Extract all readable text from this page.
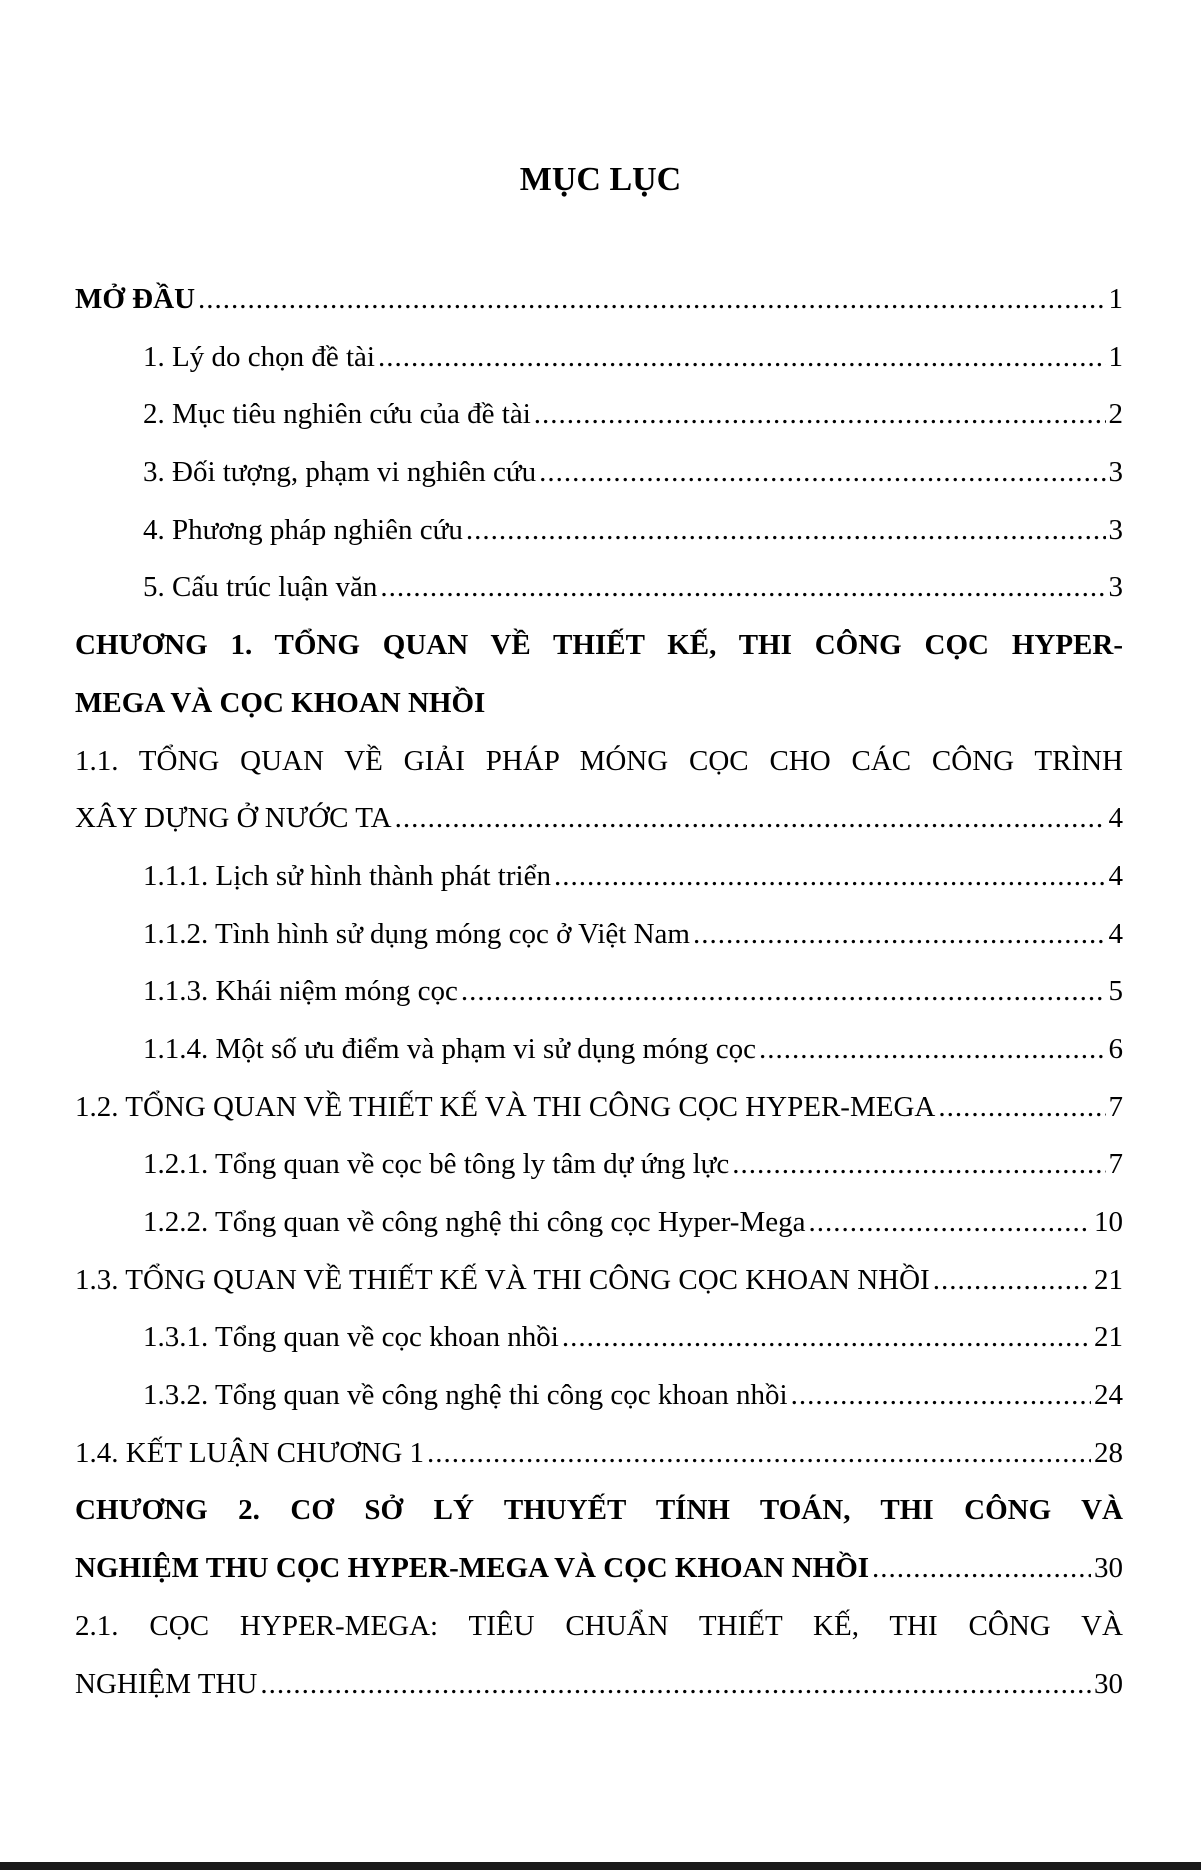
MỤC LỤC
MỞ ĐẦU .....	1
1. Lý do chọn đề tài .....	1
2. Mục tiêu nghiên cứu của đề tài .....	2
3. Đối tượng, phạm vi nghiên cứu .....	3
4. Phương pháp nghiên cứu .....	3
5. Cấu trúc luận văn .....	3
CHƯƠNG 1. TỔNG QUAN VỀ THIẾT KẾ, THI CÔNG CỌC HYPER-
MEGA VÀ CỌC KHOAN NHỒI
1.1. TỔNG QUAN VỀ GIẢI PHÁP MÓNG CỌC CHO CÁC CÔNG TRÌNH
XÂY DỰNG Ở NƯỚC TA .....	4
1.1.1. Lịch sử hình thành phát triển .....	4
1.1.2. Tình hình sử dụng móng cọc ở Việt Nam .....	4
1.1.3. Khái niệm móng cọc .....	5
1.1.4. Một số ưu điểm và phạm vi sử dụng móng cọc .....	6
1.2. TỔNG QUAN VỀ THIẾT KẾ VÀ THI CÔNG CỌC HYPER-MEGA .....	7
1.2.1. Tổng quan về cọc bê tông ly tâm dự ứng lực .....	7
1.2.2. Tổng quan về công nghệ thi công cọc Hyper-Mega .....	10
1.3. TỔNG QUAN VỀ THIẾT KẾ VÀ THI CÔNG CỌC KHOAN NHỒI .....	21
1.3.1. Tổng quan về cọc khoan nhồi .....	21
1.3.2. Tổng quan về công nghệ thi công cọc khoan nhồi .....	24
1.4. KẾT LUẬN CHƯƠNG 1 .....	28
CHƯƠNG 2. CƠ SỞ LÝ THUYẾT TÍNH TOÁN, THI CÔNG VÀ
NGHIỆM THU CỌC HYPER-MEGA VÀ CỌC KHOAN NHỒI .....	30
2.1. CỌC HYPER-MEGA: TIÊU CHUẨN THIẾT KẾ, THI CÔNG VÀ
NGHIỆM THU .....	30
